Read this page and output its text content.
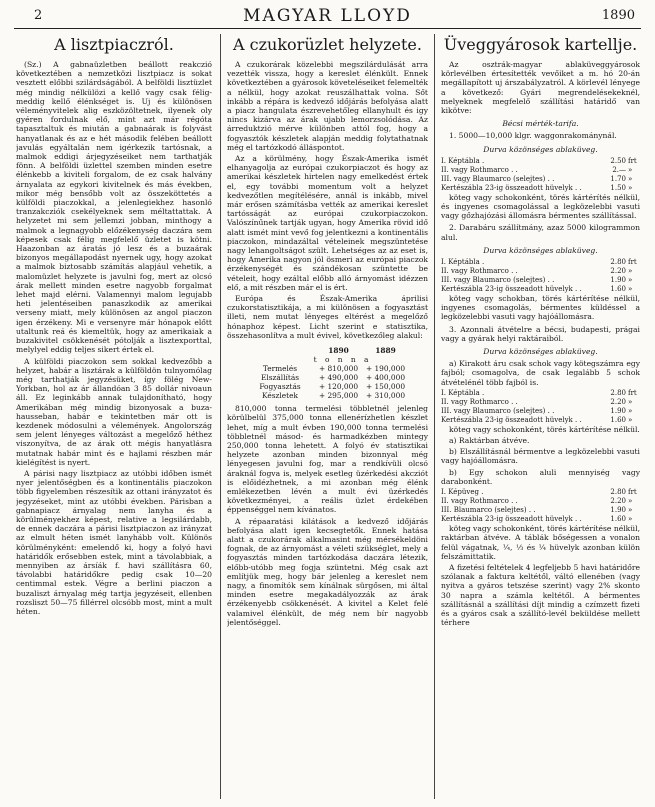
2	MAGYAR LLOYD	1890
A lisztpiaczról.

(Sz.) A gabnaüzletben beállott reakczió következtében a nemzetközi lisztpiacz is sokat vesztett előbbi szilárdságából. A belföldi lisztüzlet még mindig nélkülözi a kellő vagy csak félig-meddig kellő élénkséget is. Uj és különösen véleményvitelek alig eszközöltetnek, ilyenek oly gyéren fordulnak elő, mint azt már régóta tapasztaltuk és miután a gabnaárak is folyvást hanyatlanak és az e hét második felében beállott javulás egyáltalán nem igérkezik tartósnak, a malmok eddigi árjegyzéseiket nem tarthatják fönn. A belföldi üzlettel szemben minden esetre élénkebb a kiviteli forgalom, de ez csak halvány árnyalata az egykori kivitelnek és más években, mikor még bensőbb volt az összeköttetés a külföldi piaczokkal, a jelenlegiekhez hasonló tranzakcziók csekélyeknek sem méltattattak. A helyzetet mi sem jellemzi jobban, minthogy a malmok a legnagyobb előzékenység daczára sem képesek csak félig megfelelő üzletet is kötni. Haazonban az áratás jó lesz és a buzaárak bizonyos megállapodást nyernek ugy, hogy azokat a malmok biztosabb számítás alapjául vehetik, a malomüzlet helyzete is javulni fog, mert az olcsó árak mellett minden esetre nagyobb forgalmat lehet majd elérni. Valamennyi malom legujabb heti jelentéseiben panaszkodik az amerikai verseny miatt, mely különösen az angol piaczon igen érzékeny. Mi e versenyre már hónapok előtt utaltunk reá és kiemeltük, hogy az amerikaiak a buzakivitel csökkenését pótolják a lisztexporttal, melylyel eddig teljes sikert értek el.

A külföldi piaczokon sem sokkal kedvezőbb a helyzet, habár a lisztárak a külföldön tulnyomólag még tarthatják jegyzésüket, így fölég New-Yorkban, hol az ár állandóan 3 85 dollár nivoaun áll. Ez leginkább annak tulajdonítható, hogy Amerikában még mindig bizonyosak a buza-hausseban, habár e tekintetben már ott is kezdenek módosulni a vélemények. Angolország sem jelent lényeges változást a megelőző héthez viszonyítva, de az árak ott mégis hanyatlásra mutatnak habár mint és e hajlami részben már kielégítést is nyert.

A párisi nagy lisztpiacz az utóbbi időben ismét nyer jelentőségben és a kontinentális piaczokon több figyelemben részesítik az ottani irányzatot és jegyzéseket, mint az utóbbi években. Párisban a gabnapiacz árnyalag nem lanyha és a körülményekhez képest, relative a legsilárdabb, de ennek daczára a párisi lisztpiaczon az irányzat az elmult héten ismét lanyhább volt. Különös körülményként: emelendő ki, hogy a folyó havi határidők erősebben estek, mint a távolabbiak, a mennyiben az ársíák f. havi szállításra 60, távolabbi határidőkre pedig csak 10—20 centimmal estek. Végre a berlini piaczon a buzaliszt árnyalag még tartja jegyzéseit, ellenben rozsliszt 50—75 fillérrel olcsóbb most, mint a mult héten.

A czukorüzlet helyzete.

A czukorárak közelebbi megszilárdulását arra vezették vissza, hogy a kereslet élénkült. Ennek következtében a gyárosok követeléseiket felemelték a nélkül, hogy azokat reuszálhattak volna. Sőt inkább a répára is kedvező időjárás befolyása alatt a piacz hangulata észrevehetőleg ellanyhult és igy nincs kizárva az árak ujabb lemorzsolódása. Az árreduktzió mérve különben attól fog, hogy a fogyasztók készletek alapján meddig folytathatnak még el tartózkodó álláspontot.

Az a körülmény, hogy Észak-Amerika ismét elhanyagolja az európai czukorpiaczot és hogy az amerikai készletek hirtelen nagy emelkedést értek el, egy további momentum volt a helyzet kedvezőtlen megítélésére, annál is inkább, mivel már erősen számításba vették az amerikai kereslet tartósságát az európai czukorpiaczokon. Valószínűnek tartják ugyan, hogy Amerika rövid idő alatt ismét mint vevő fog jelentkezni a kontinentális piaczokon, mindazáltal vételeinek megszüntetése nagy lehangoltságot szült. Lehetséges az az eset is, hogy Amerika nagyon jól ösmeri az európai piaczok érzékenységét és szándékosan szüntette be vételeit, hogy ezáltal előbb alló árnyomást idézzen elő, a mit részben már el is ért.

Európa és Észak-Amerika áprilisi czukorstatisztikája, a mi különösen a fogyasztást illeti, nem mutat lényeges eltérést a megelőző hónaphoz képest. Licht szerint e statisztika, összehasonlítva a mult évivel, következőleg alakul:

1890	1889
t o n n a
Termelés	+ 810,000	+ 190,000
Elszállítás	+ 490,000	+ 400,000
Fogyasztás	+ 120,000	+ 150,000
Készletek	+ 295,000	+ 310,000

810,000 tonna termelési többletnél jelenleg körülbelül 375,000 tonna ellenérízhetlen készlet lehet, míg a mult évben 190,000 tonna termelési többletnél másod- és harmadkézben mintegy 250,000 tonna lehetett. A folyó év statisztikai helyzete azonban minden bizonnyal még lényegesen javulni fog, mar a rendkívüli olcsó áraknál fogva is, melyek esetleg üzérkedési akcziót is előidézhetnek, a mi azonban még élénk emlékezetben lévén a mult évi üzérkedés következményei, a reális üzlet érdekében éppenséggel nem kívánatos.

A répaaratási kilátások a kedvező időjárás befolyása alatt igen kecsegtetők. Ennek hatása alatt a czukorárak alkalmasint még mérsékeldöni fognak, de az árnyomást a véleti szükséglet, mely a fogyasztás minden tartózkodása daczára létezik, előbb-utóbb meg fogja szüntetni. Még csak azt említjük meg, hogy bár jelenleg a kereslet nem nagy, a finomítók sem kínálnak sürgősen, mi által minden esetre megakadályozzák az árak érzékenyebb csökkenését. A kivitel a Kelet felé valamivel élénkült, de még nem bír nagyobb jelentőséggel.

Üveggyárosok kartellje.

Az osztrák-magyar ablaküveggyárosok körlevélben értesítették vevőiket a m. hó 20-án megállapított uj árszabályzatról. A körlevél lényege a következő: Gyári megrendelésekeknél, melyeknek megfelelő szállítási határidő van kikötve:

Bécsi mérték-tarifa.
1. 5000—10,000 klgr. waggonrakománynál.
Durva közönséges ablaküveg.
I. Képtábla .	2.50 frt
II. vagy Rothmarco . .	2.— »
III. vagy Blaumarco (selejtes) . .	1.70 »
Kertészábla 23-ig összeadott hüvelyk . .	1.50 »

köteg vagy schokonként, törés kártérítés nélkül, és ingyenes csomagolással a legközelebbi vasuti vagy gőzhajózási állomásra bérmentes szállítással.

2. Darabáru szállítmány, azaz 5000 kilogrammon alul.
Durva közönséges ablaküveg.
I. Képtábla .	2.80 frt
II. vagy Rothmarco . .	2.20 »
III. vagy Blaumarco (selejtes) . .	1.90 »
Kertészábla 23-ig összeadott hüvelyk . .	1.60 »

köteg vagy schokban, törés kártérítése nélkül, ingyenes csomagolás, bérmentes küldéssel a legközelebbi vasuti vagy hajóállomásra.

3. Azonnali átvételre a bécsi, budapesti, prágai vagy a gyárak helyi raktáraiból.
Durva közönséges ablaküveg.

a) Kirakott áru csak schok vagy kötegszámra egy fajból; csomagolva, de csak legalább 5 schok átvételénél több fajból is.

I. Képtábla .	2.80 frt
II. vagy Rothmarco . .	2.20 »
III. vagy Blaumarco (selejtes) . .	1.90 »
Kertészábla 23-ig összeadott hüvelyk . .	1.60 »

köteg vagy schokonként, törés kártérítése nélkül.

a) Raktárban átvéve.

b) Elszállításnál bérmentve a legközelebbi vasuti vagy hajóállomásra.

b) Egy schokon aluli mennyiség vagy darabonként.

I. Képüveg .	2.80 frt
II. vagy Rothmarco . .	2.20 »
III. Blaumarco (selejtes) . .	1.90 »
Kertészábla 23-ig összeadott hüvelyk . .	1.60 »

köteg vagy schokonként, törés kártérítése nélkül, raktárban átvéve. A táblák bőségessen a vonalon felül vágatnak, ¼, ⅓ és ¼ hüvelyk azonban külön felszámittatik.

A fizetési feltételek 4 legfeljebb 5 havi határidőre szólanak a faktura keltétől, váltó ellenében (vagy nyitva a gyáros tetszése szerint) vagy 2% skonto 30 napra a számla keltétől. A bérmentes szállításnál a szállítási díjt mindig a czímzett fizeti és a gyáros csak a szállító-levél beküldése mellett térhere
